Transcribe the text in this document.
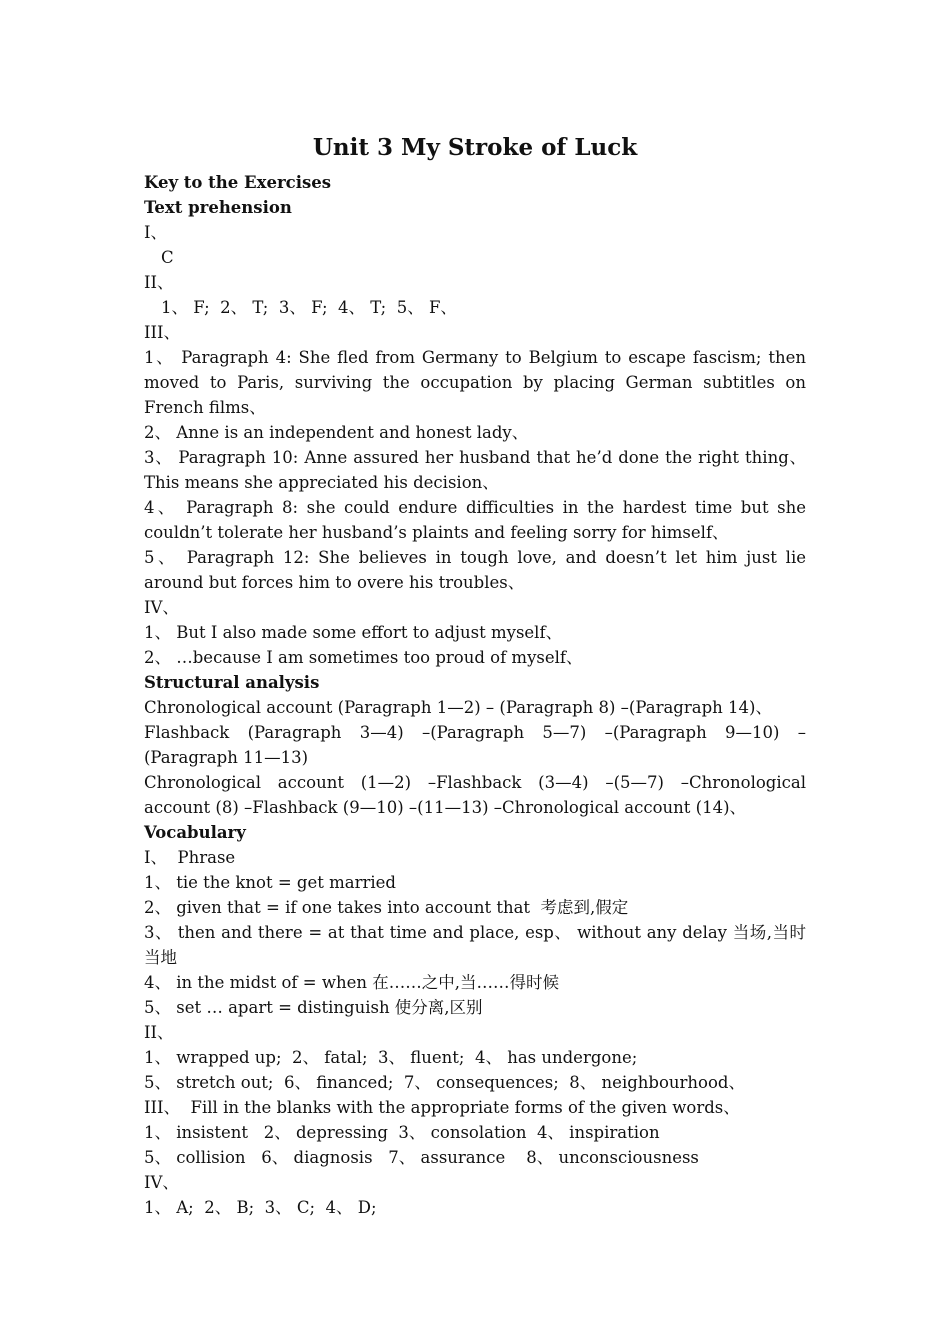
Unit 3 My Stroke of Luck
Key to the Exercises
Text prehension
I、
C
II、
1、 F;  2、 T;  3、 F;  4、 T;  5、 F、
III、
1、 Paragraph 4: She fled from Germany to Belgium to escape fascism; then moved to Paris, surviving the occupation by placing German subtitles on French films、
2、 Anne is an independent and honest lady、
3、 Paragraph 10: Anne assured her husband that he’d done the right thing、 This means she appreciated his decision、
4、 Paragraph 8: she could endure difficulties in the hardest time but she couldn’t tolerate her husband’s plaints and feeling sorry for himself、
5、 Paragraph 12: She believes in tough love, and doesn’t let him just lie around but forces him to overe his troubles、
IV、
1、 But I also made some effort to adjust myself、
2、 …because I am sometimes too proud of myself、
Structural analysis
Chronological account (Paragraph 1—2) – (Paragraph 8) –(Paragraph 14)、
Flashback (Paragraph 3—4) –(Paragraph 5—7) –(Paragraph 9—10) –(Paragraph 11—13)
Chronological account (1—2) –Flashback (3—4) –(5—7) –Chronological account (8) –Flashback (9—10) –(11—13) –Chronological account (14)、
Vocabulary
I、  Phrase
1、 tie the knot = get married
2、 given that = if one takes into account that  考虑到,假定
3、 then and there = at that time and place, esp、 without any delay 当场,当时当地
4、 in the midst of = when 在……之中,当……得时候
5、 set … apart = distinguish 使分离,区别
II、
1、 wrapped up;  2、 fatal;  3、 fluent;  4、 has undergone;
5、 stretch out;  6、 financed;  7、 consequences;  8、 neighbourhood、
III、  Fill in the blanks with the appropriate forms of the given words、
1、 insistent   2、 depressing  3、 consolation  4、 inspiration
5、 collision   6、 diagnosis   7、 assurance    8、 unconsciousness
IV、
1、 A;  2、 B;  3、 C;  4、 D;
